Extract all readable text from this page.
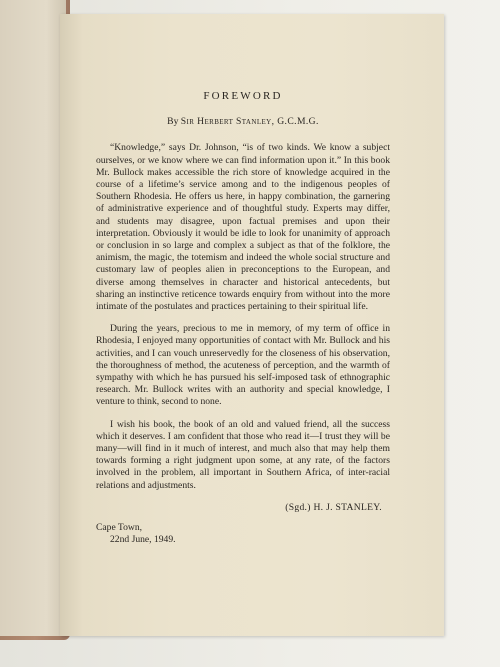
FOREWORD
By Sir Herbert Stanley, G.C.M.G.

“Knowledge,” says Dr. Johnson, “is of two kinds. We know a subject ourselves, or we know where we can find information upon it.” In this book Mr. Bullock makes accessible the rich store of knowledge acquired in the course of a lifetime’s service among and to the indigenous peoples of Southern Rhodesia. He offers us here, in happy combination, the garnering of administrative experience and of thoughtful study. Experts may differ, and students may disagree, upon factual premises and upon their interpretation. Obviously it would be idle to look for unanimity of approach or conclusion in so large and complex a subject as that of the folklore, the animism, the magic, the totemism and indeed the whole social structure and customary law of peoples alien in preconceptions to the European, and diverse among themselves in character and historical antecedents, but sharing an instinctive reticence towards enquiry from without into the more intimate of the postulates and practices pertaining to their spiritual life.

During the years, precious to me in memory, of my term of office in Rhodesia, I enjoyed many opportunities of contact with Mr. Bullock and his activities, and I can vouch unreservedly for the closeness of his observation, the thoroughness of method, the acuteness of perception, and the warmth of sympathy with which he has pursued his self-imposed task of ethnographic research. Mr. Bullock writes with an authority and special knowledge, I venture to think, second to none.

I wish his book, the book of an old and valued friend, all the success which it deserves. I am confident that those who read it—I trust they will be many—will find in it much of interest, and much also that may help them towards forming a right judgment upon some, at any rate, of the factors involved in the problem, all important in Southern Africa, of inter-racial relations and adjustments.

(Sgd.) H. J. STANLEY.
Cape Town,
22nd June, 1949.
